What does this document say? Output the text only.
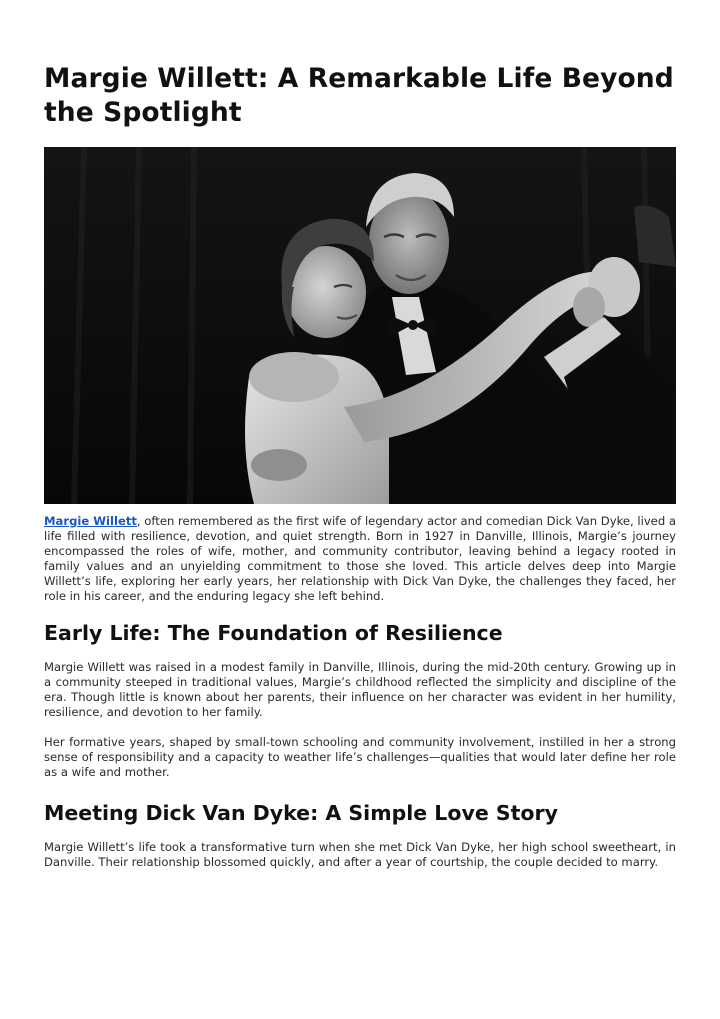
Margie Willett: A Remarkable Life Beyond the Spotlight

Margie Willett, often remembered as the first wife of legendary actor and comedian Dick Van Dyke, lived a life filled with resilience, devotion, and quiet strength. Born in 1927 in Danville, Illinois, Margie’s journey encompassed the roles of wife, mother, and community contributor, leaving behind a legacy rooted in family values and an unyielding commitment to those she loved. This article delves deep into Margie Willett’s life, exploring her early years, her relationship with Dick Van Dyke, the challenges they faced, her role in his career, and the enduring legacy she left behind.

Early Life: The Foundation of Resilience

Margie Willett was raised in a modest family in Danville, Illinois, during the mid-20th century. Growing up in a community steeped in traditional values, Margie’s childhood reflected the simplicity and discipline of the era. Though little is known about her parents, their influence on her character was evident in her humility, resilience, and devotion to her family.

Her formative years, shaped by small-town schooling and community involvement, instilled in her a strong sense of responsibility and a capacity to weather life’s challenges—qualities that would later define her role as a wife and mother.

Meeting Dick Van Dyke: A Simple Love Story

Margie Willett’s life took a transformative turn when she met Dick Van Dyke, her high school sweetheart, in Danville. Their relationship blossomed quickly, and after a year of courtship, the couple decided to marry.
